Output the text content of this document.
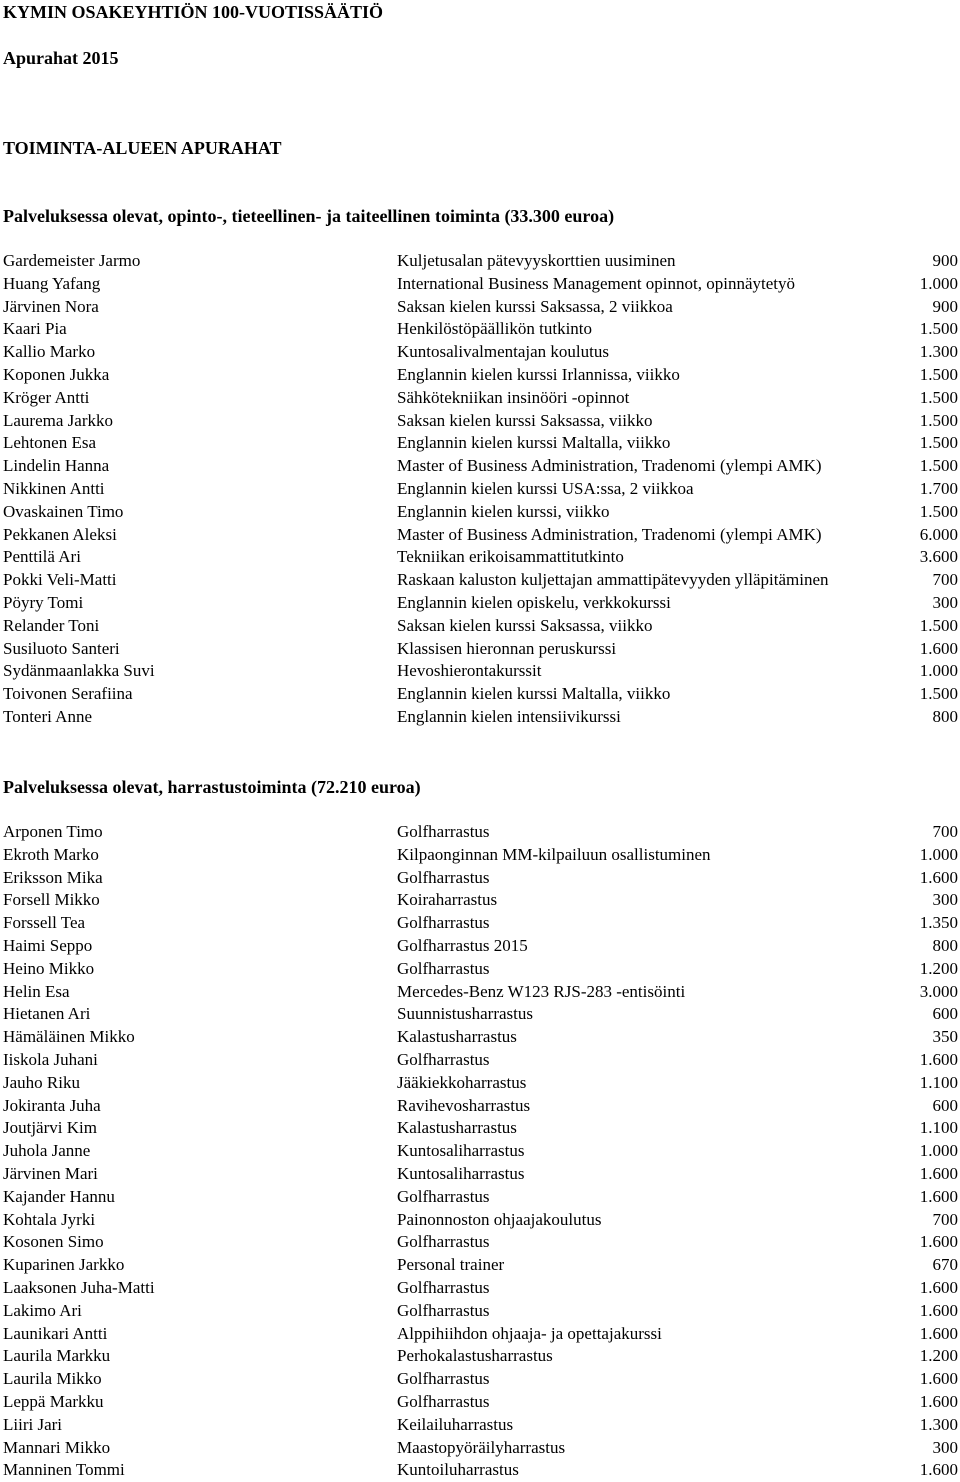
KYMIN OSAKEYHTIÖN 100-VUOTISSÄÄTIÖ
Apurahat 2015
TOIMINTA-ALUEEN APURAHAT
Palveluksessa olevat, opinto-, tieteellinen- ja taiteellinen toiminta (33.300 euroa)
Gardemeister Jarmo	Kuljetusalan pätevyyskorttien uusiminen	900
Huang Yafang	International Business Management opinnot, opinnäytetyö	1.000
Järvinen Nora	Saksan kielen kurssi Saksassa, 2 viikkoa	900
Kaari Pia	Henkilöstöpäällikön tutkinto	1.500
Kallio Marko	Kuntosalivalmentajan koulutus	1.300
Koponen Jukka	Englannin kielen kurssi Irlannissa, viikko	1.500
Kröger Antti	Sähkötekniikan insinööri -opinnot	1.500
Laurema Jarkko	Saksan kielen kurssi Saksassa, viikko	1.500
Lehtonen Esa	Englannin kielen kurssi Maltalla, viikko	1.500
Lindelin Hanna	Master of Business Administration, Tradenomi (ylempi AMK)	1.500
Nikkinen Antti	Englannin kielen kurssi USA:ssa, 2 viikkoa	1.700
Ovaskainen Timo	Englannin kielen kurssi, viikko	1.500
Pekkanen Aleksi	Master of Business Administration, Tradenomi (ylempi AMK)	6.000
Penttilä Ari	Tekniikan erikoisammattitutkinto	3.600
Pokki Veli-Matti	Raskaan kaluston kuljettajan ammattipätevyyden ylläpitäminen	700
Pöyry Tomi	Englannin kielen opiskelu, verkkokurssi	300
Relander Toni	Saksan kielen kurssi Saksassa, viikko	1.500
Susiluoto Santeri	Klassisen hieronnan peruskurssi	1.600
Sydänmaanlakka Suvi	Hevoshierontakurssit	1.000
Toivonen Serafiina	Englannin kielen kurssi Maltalla, viikko	1.500
Tonteri Anne	Englannin kielen intensiivikurssi	800
Palveluksessa olevat, harrastustoiminta (72.210 euroa)
Arponen Timo	Golfharrastus	700
Ekroth Marko	Kilpaonginnan MM-kilpailuun osallistuminen	1.000
Eriksson Mika	Golfharrastus	1.600
Forsell Mikko	Koiraharrastus	300
Forssell Tea	Golfharrastus	1.350
Haimi Seppo	Golfharrastus 2015	800
Heino Mikko	Golfharrastus	1.200
Helin Esa	Mercedes-Benz W123 RJS-283 -entisöinti	3.000
Hietanen Ari	Suunnistusharrastus	600
Hämäläinen Mikko	Kalastusharrastus	350
Iiskola Juhani	Golfharrastus	1.600
Jauho Riku	Jääkiekkoharrastus	1.100
Jokiranta Juha	Ravihevosharrastus	600
Joutjärvi Kim	Kalastusharrastus	1.100
Juhola Janne	Kuntosaliharrastus	1.000
Järvinen Mari	Kuntosaliharrastus	1.600
Kajander Hannu	Golfharrastus	1.600
Kohtala Jyrki	Painonnoston ohjaajakoulutus	700
Kosonen Simo	Golfharrastus	1.600
Kuparinen Jarkko	Personal trainer	670
Laaksonen Juha-Matti	Golfharrastus	1.600
Lakimo Ari	Golfharrastus	1.600
Launikari Antti	Alppihiihdon ohjaaja- ja opettajakurssi	1.600
Laurila Markku	Perhokalastusharrastus	1.200
Laurila Mikko	Golfharrastus	1.600
Leppä Markku	Golfharrastus	1.600
Liiri Jari	Keilailuharrastus	1.300
Mannari Mikko	Maastopyöräilyharrastus	300
Manninen Tommi	Kuntoiluharrastus	1.600
